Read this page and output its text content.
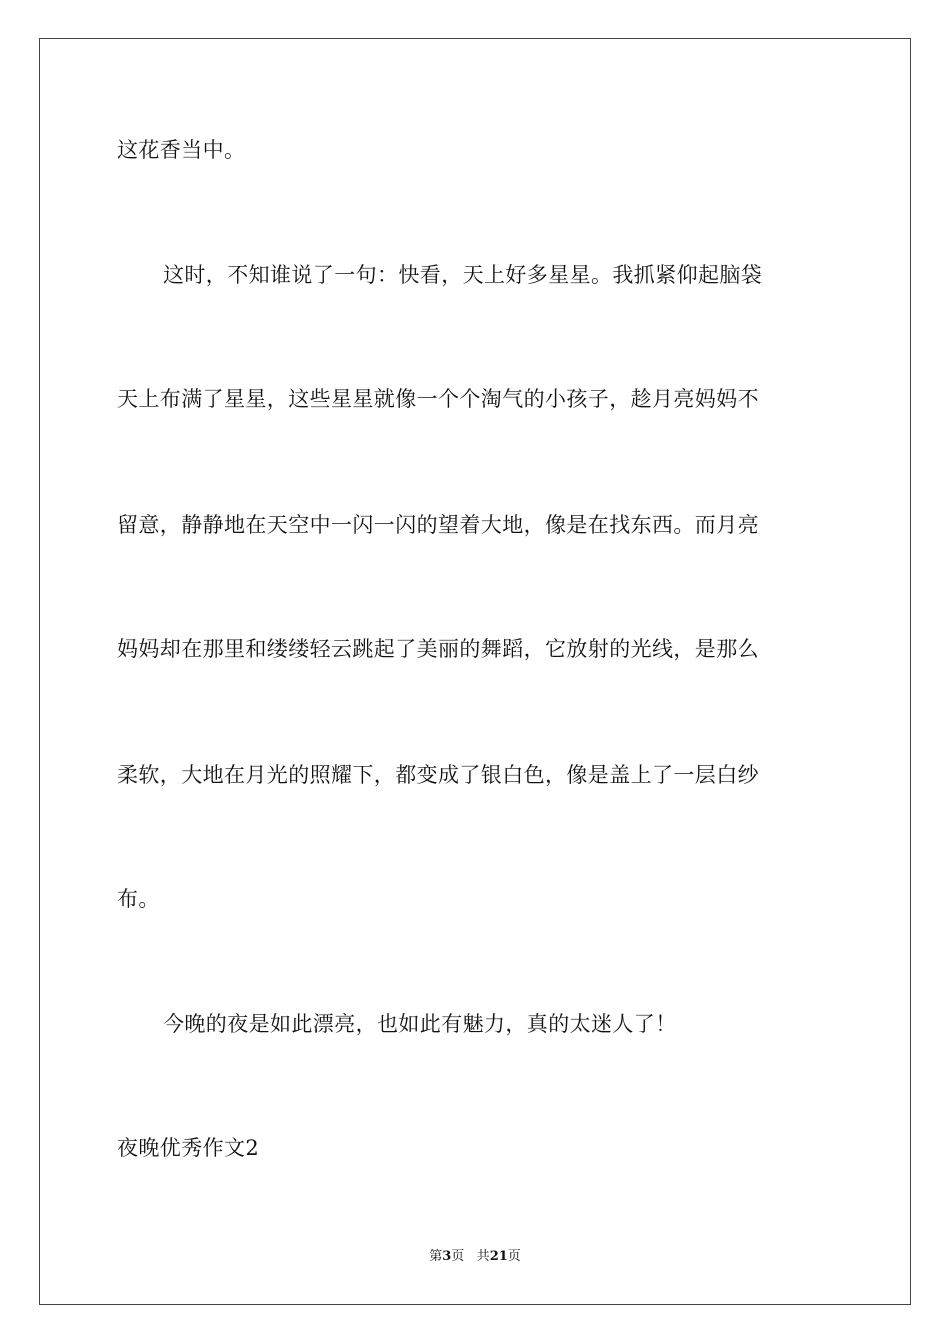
这花香当中。
这时，不知谁说了一句：快看，天上好多星星。我抓紧仰起脑袋
天上布满了星星，这些星星就像一个个淘气的小孩子，趁月亮妈妈不
留意，静静地在天空中一闪一闪的望着大地，像是在找东西。而月亮
妈妈却在那里和缕缕轻云跳起了美丽的舞蹈，它放射的光线，是那么
柔软，大地在月光的照耀下，都变成了银白色，像是盖上了一层白纱
布。
今晚的夜是如此漂亮，也如此有魅力，真的太迷人了！
夜晚优秀作文2
第3页 共21页
